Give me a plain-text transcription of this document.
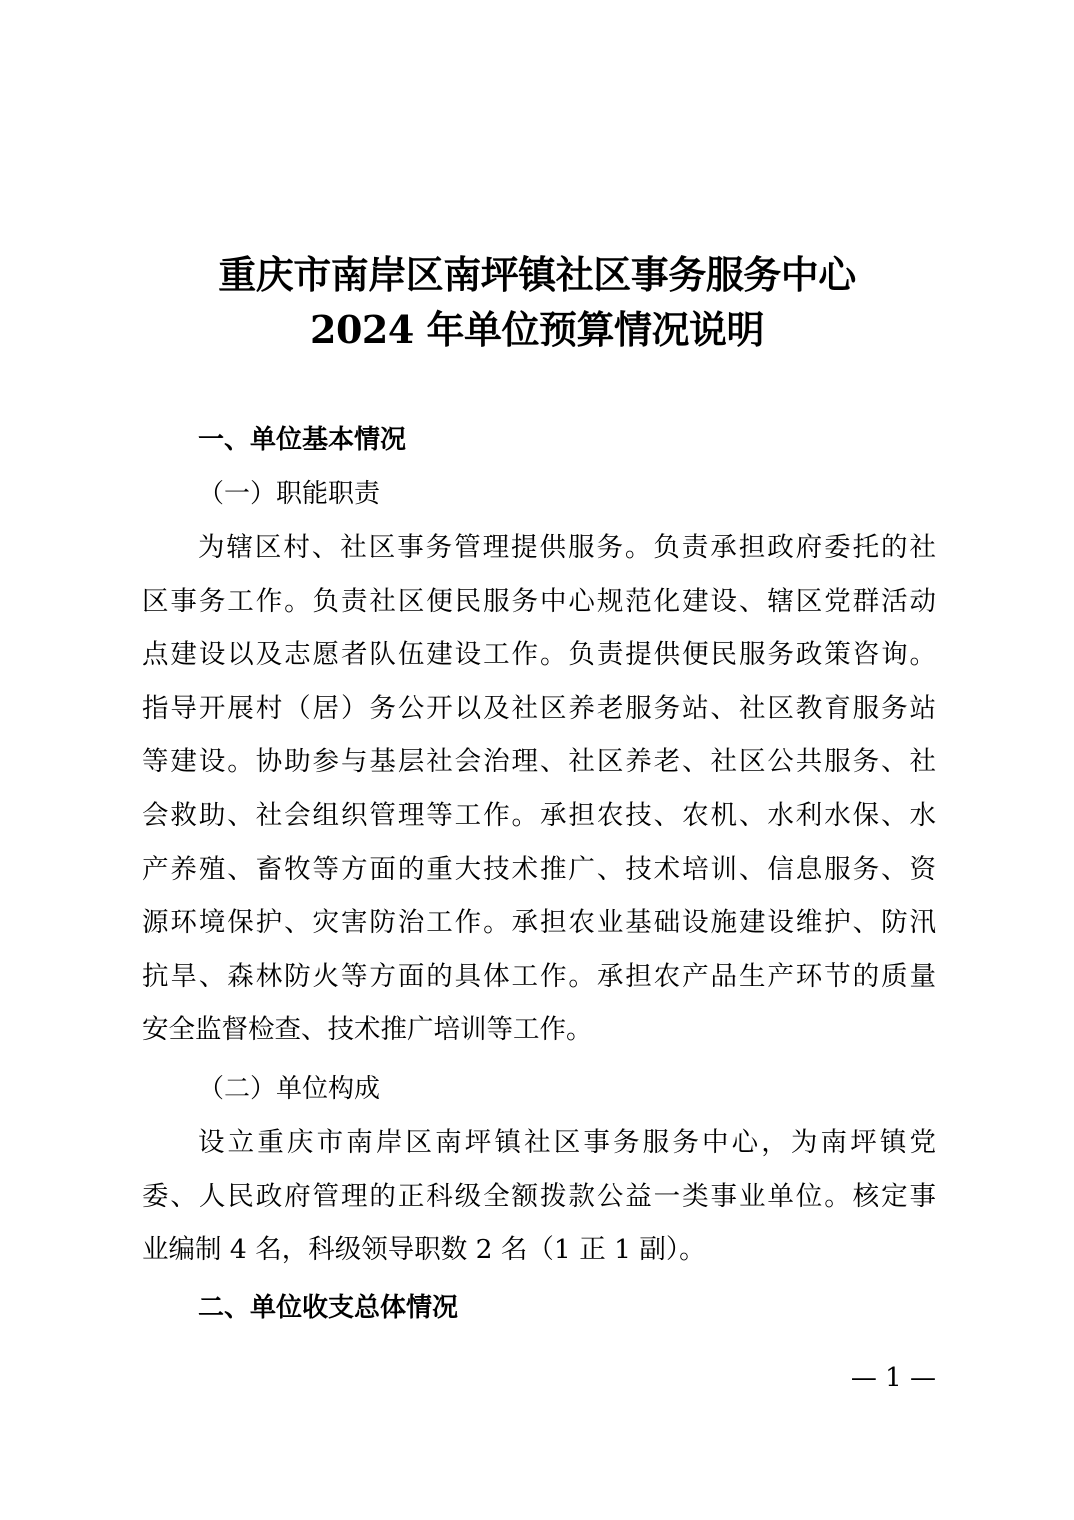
重庆市南岸区南坪镇社区事务服务中心
2024 年单位预算情况说明
一、单位基本情况
（一）职能职责
为辖区村、社区事务管理提供服务。负责承担政府委托的社
区事务工作。负责社区便民服务中心规范化建设、辖区党群活动
点建设以及志愿者队伍建设工作。负责提供便民服务政策咨询。
指导开展村（居）务公开以及社区养老服务站、社区教育服务站
等建设。协助参与基层社会治理、社区养老、社区公共服务、社
会救助、社会组织管理等工作。承担农技、农机、水利水保、水
产养殖、畜牧等方面的重大技术推广、技术培训、信息服务、资
源环境保护、灾害防治工作。承担农业基础设施建设维护、防汛
抗旱、森林防火等方面的具体工作。承担农产品生产环节的质量
安全监督检查、技术推广培训等工作。
（二）单位构成
设立重庆市南岸区南坪镇社区事务服务中心，为南坪镇党
委、人民政府管理的正科级全额拨款公益一类事业单位。核定事
业编制 4 名，科级领导职数 2 名（1 正 1 副）。
二、单位收支总体情况
— 1 —
